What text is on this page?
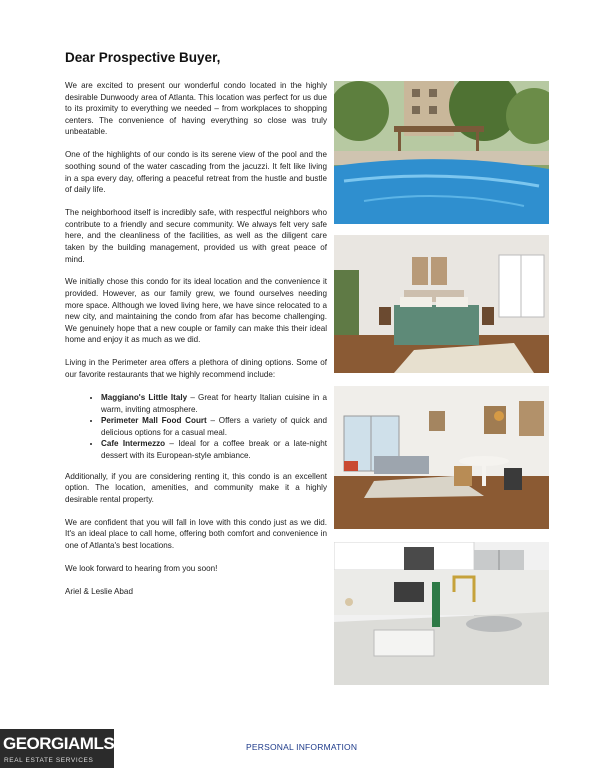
Dear Prospective Buyer,

We are excited to present our wonderful condo located in the highly desirable Dunwoody area of Atlanta. This location was perfect for us due to its proximity to everything we needed – from workplaces to shopping centers. The convenience of having everything so close was truly unbeatable.

One of the highlights of our condo is its serene view of the pool and the soothing sound of the water cascading from the jacuzzi. It felt like living in a spa every day, offering a peaceful retreat from the hustle and bustle of daily life.

The neighborhood itself is incredibly safe, with respectful neighbors who contribute to a friendly and secure community. We always felt very safe here, and the cleanliness of the facilities, as well as the diligent care taken by the building management, provided us with great peace of mind.

We initially chose this condo for its ideal location and the convenience it provided. However, as our family grew, we found ourselves needing more space. Although we loved living here, we have since relocated to a new city, and maintaining the condo from afar has become challenging. We genuinely hope that a new couple or family can make this their ideal home and enjoy it as much as we did.

Living in the Perimeter area offers a plethora of dining options. Some of our favorite restaurants that we highly recommend include:

• Maggiano's Little Italy – Great for hearty Italian cuisine in a warm, inviting atmosphere.
• Perimeter Mall Food Court – Offers a variety of quick and delicious options for a casual meal.
• Cafe Intermezzo – Ideal for a coffee break or a late-night dessert with its European-style ambiance.

Additionally, if you are considering renting it, this condo is an excellent option. The location, amenities, and community make it a highly desirable rental property.

We are confident that you will fall in love with this condo just as we did. It's an ideal place to call home, offering both comfort and convenience in one of Atlanta's best locations.

We look forward to hearing from you soon!

Ariel & Leslie Abad

PERSONAL INFORMATION
GEORGIAMLS
REAL ESTATE SERVICES
